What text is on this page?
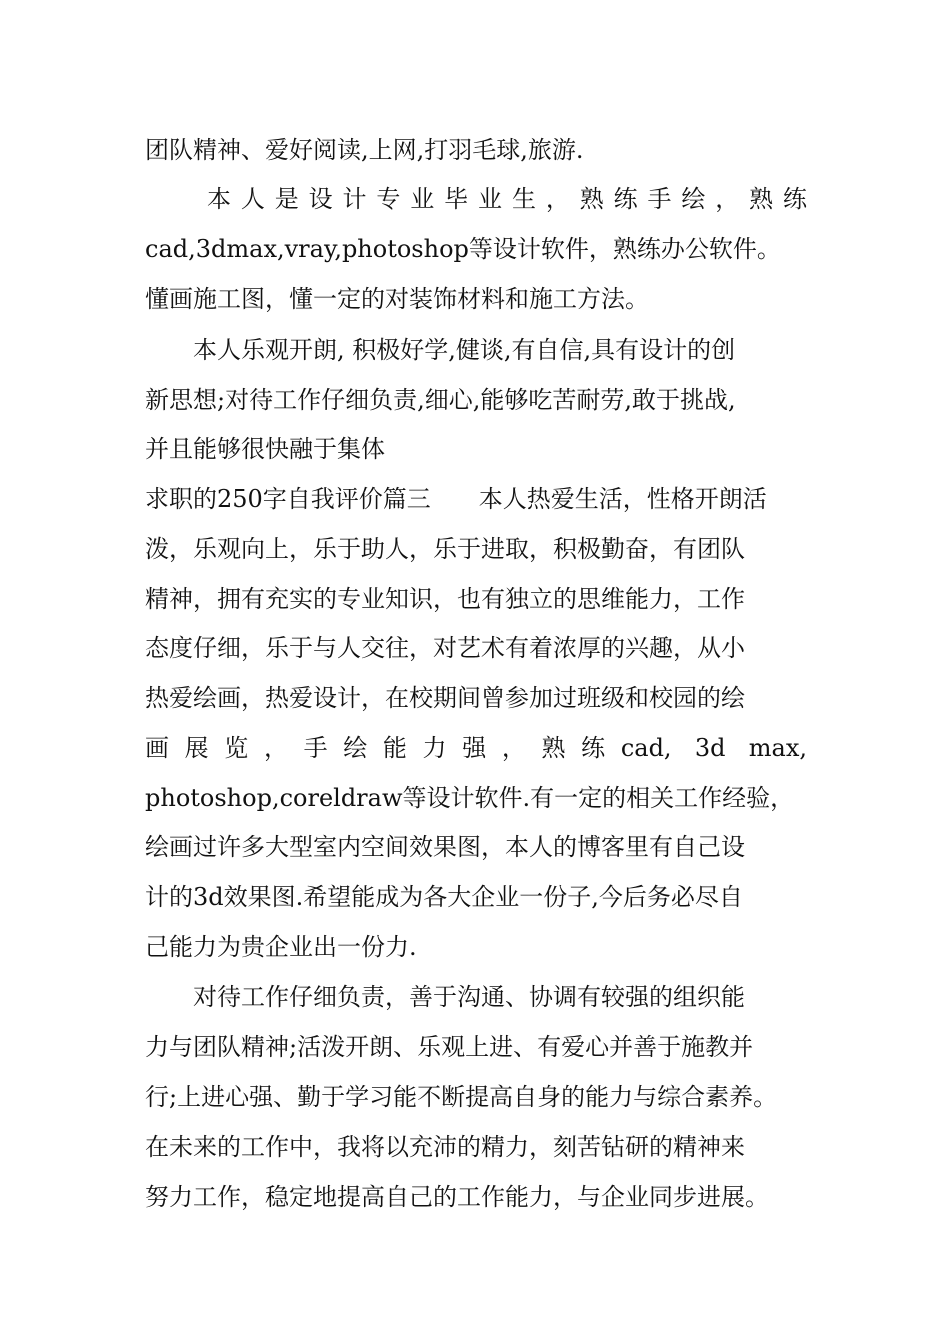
团队精神、爱好阅读,上网,打羽毛球,旅游.
本人是设计专业毕业生，熟练手绘，熟练
cad,3dmax,vray,photoshop等设计软件，熟练办公软件。
懂画施工图，懂一定的对装饰材料和施工方法。
本人乐观开朗, 积极好学,健谈,有自信,具有设计的创
新思想;对待工作仔细负责,细心,能够吃苦耐劳,敢于挑战,
并且能够很快融于集体
求职的250字自我评价篇三　　本人热爱生活，性格开朗活
泼，乐观向上，乐于助人，乐于进取，积极勤奋，有团队
精神，拥有充实的专业知识，也有独立的思维能力，工作
态度仔细，乐于与人交往，对艺术有着浓厚的兴趣，从小
热爱绘画，热爱设计，在校期间曾参加过班级和校园的绘
画展览，手绘能力强，熟练cad, 3d max,
photoshop,coreldraw等设计软件.有一定的相关工作经验，
绘画过许多大型室内空间效果图，本人的博客里有自己设
计的3d效果图.希望能成为各大企业一份子,今后务必尽自
己能力为贵企业出一份力.
对待工作仔细负责，善于沟通、协调有较强的组织能
力与团队精神;活泼开朗、乐观上进、有爱心并善于施教并
行;上进心强、勤于学习能不断提高自身的能力与综合素养。
在未来的工作中，我将以充沛的精力，刻苦钻研的精神来
努力工作，稳定地提高自己的工作能力，与企业同步进展。
